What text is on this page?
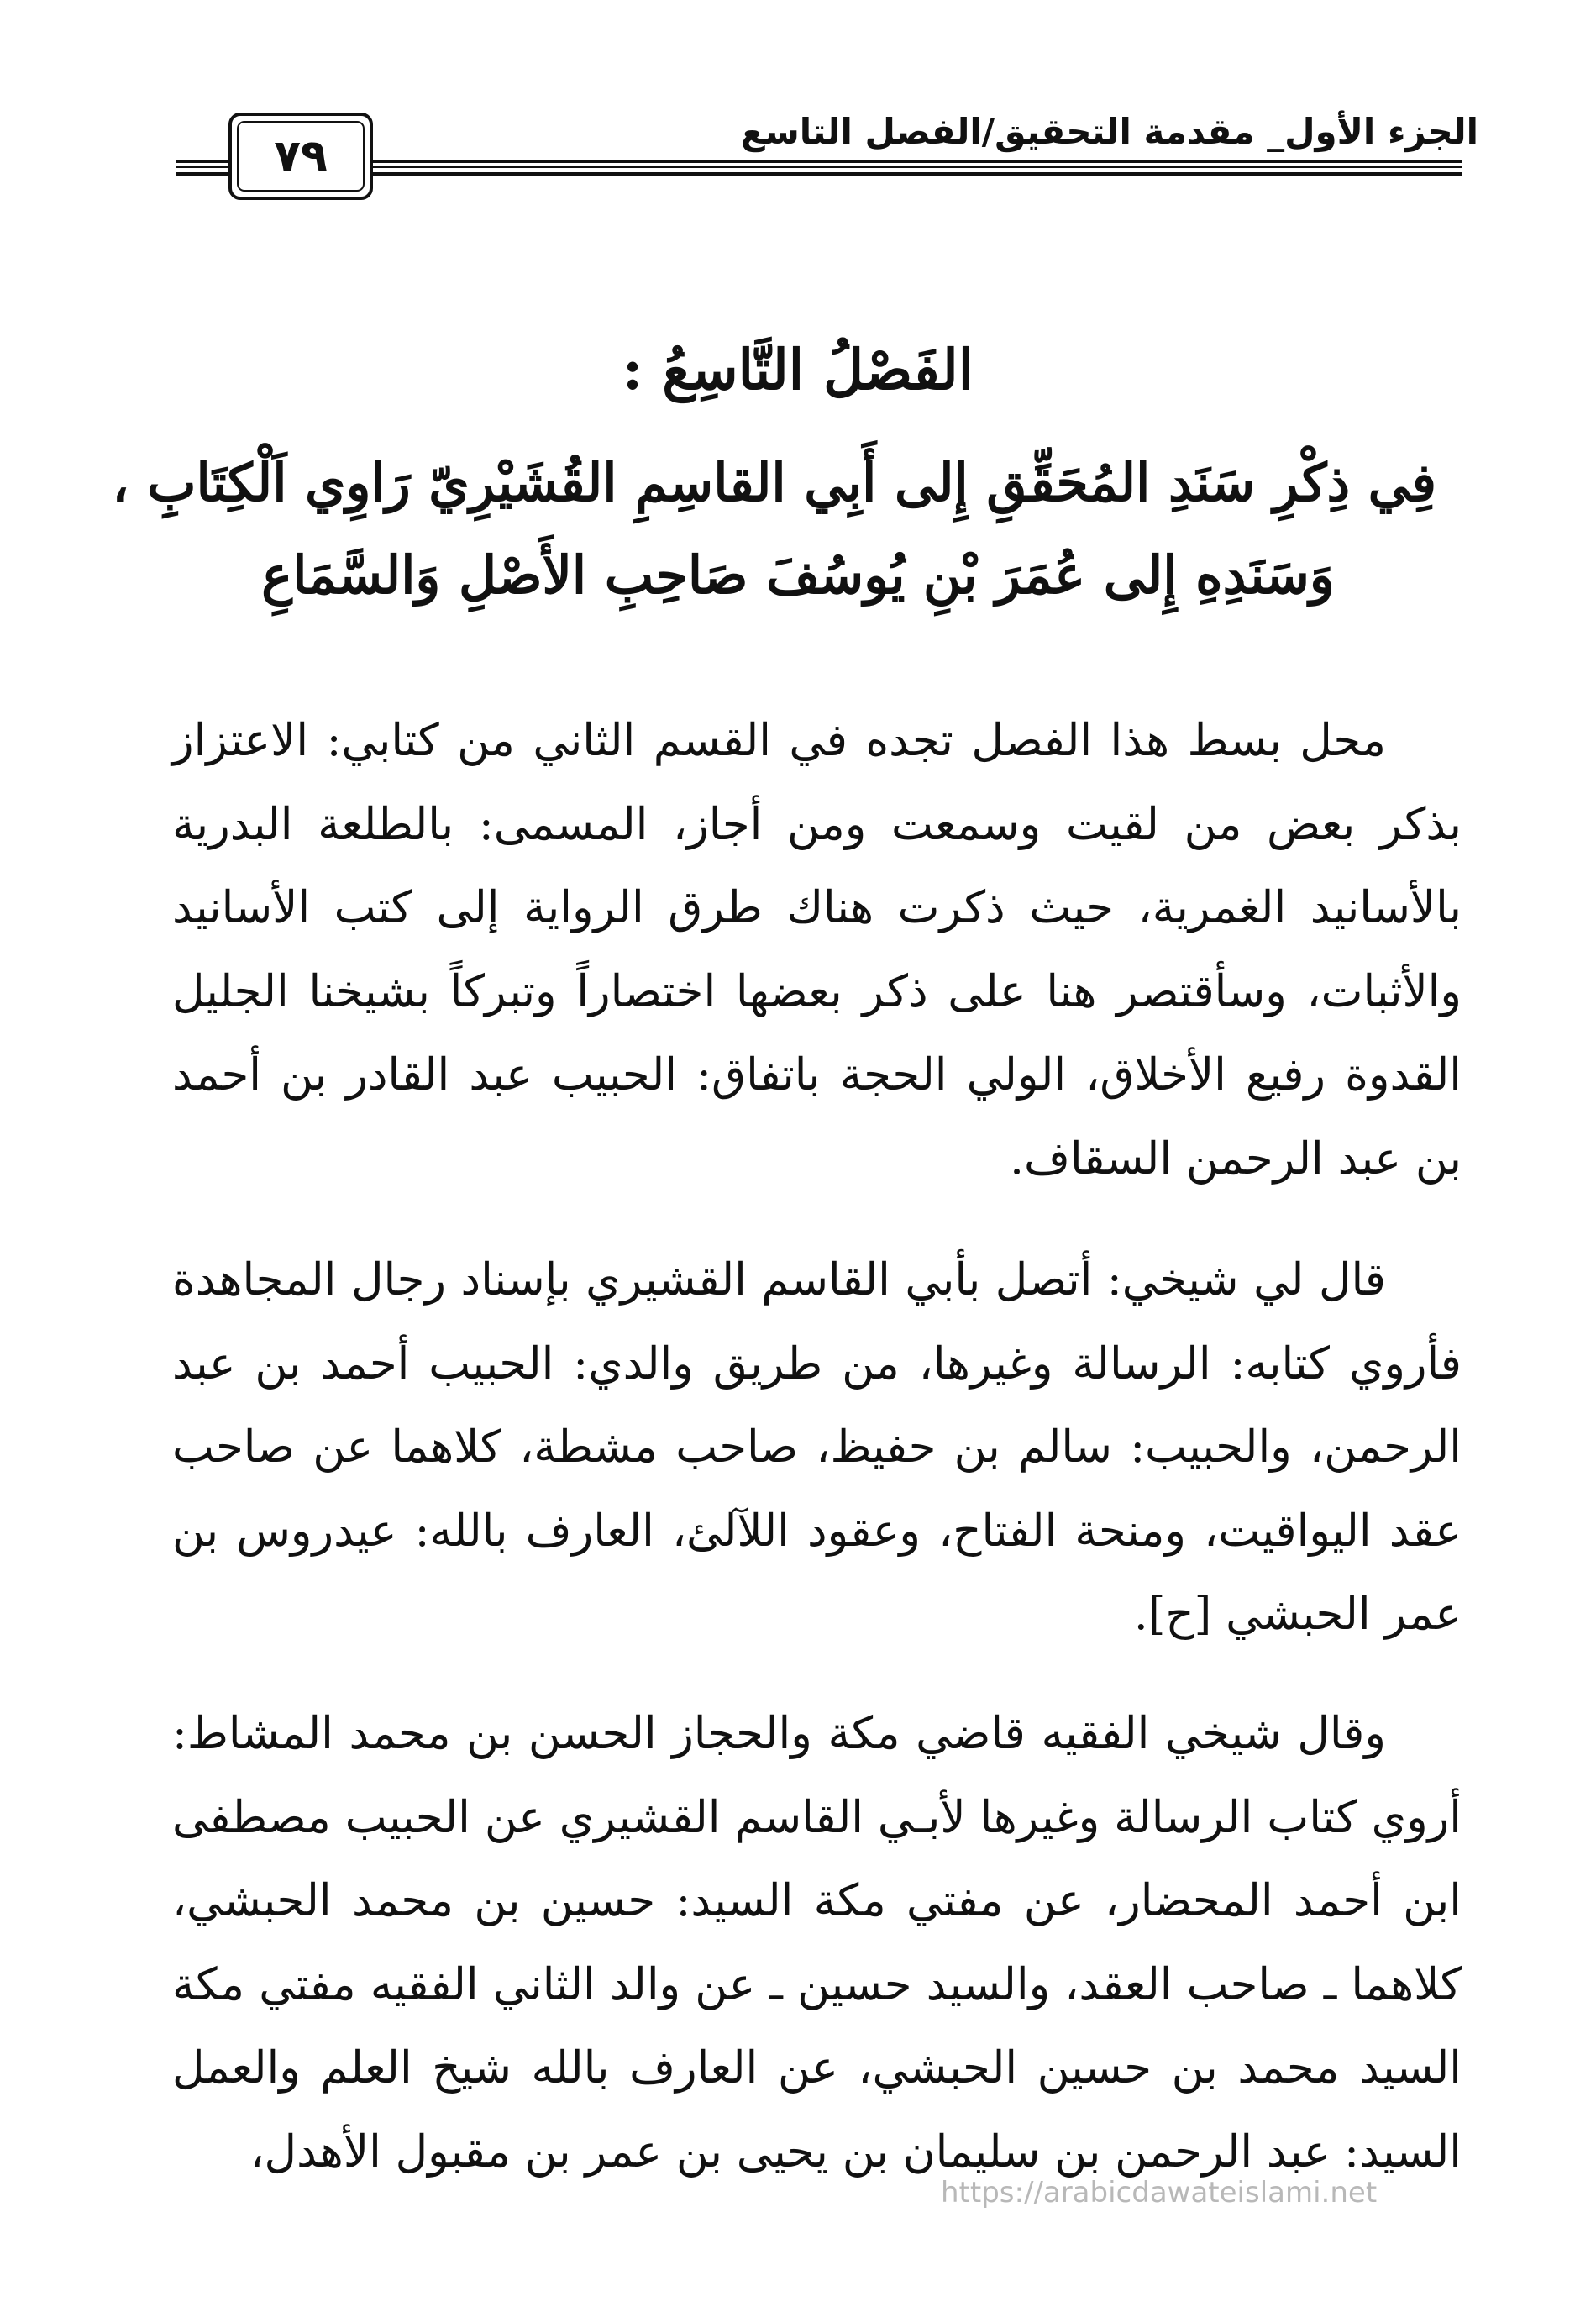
الجزء الأول_ مقدمة التحقيق/الفصل التاسع
٧٩
الفَصْلُ التَّاسِعُ :
فِي ذِكْرِ سَنَدِ المُحَقِّقِ إِلى أَبِي القاسِمِ القُشَيْرِيّ رَاوِي اَلْكِتَابِ ،
وَسَنَدِهِ إِلى عُمَرَ بْنِ يُوسُفَ صَاحِبِ الأَصْلِ وَالسَّمَاعِ

محل بسط هذا الفصل تجده في القسم الثاني من كتابي: الاعتزاز بذكر بعض من لقيت وسمعت ومن أجاز، المسمى: بالطلعة البدرية بالأسانيد الغمرية، حيث ذكرت هناك طرق الرواية إلى كتب الأسانيد والأثبات، وسأقتصر هنا على ذكر بعضها اختصاراً وتبركاً بشيخنا الجليل القدوة رفيع الأخلاق، الولي الحجة باتفاق: الحبيب عبد القادر بن أحمد بن عبد الرحمن السقاف.

قال لي شيخي: أتصل بأبي القاسم القشيري بإسناد رجال المجاهدة فأروي كتابه: الرسالة وغيرها، من طريق والدي: الحبيب أحمد بن عبد الرحمن، والحبيب: سالم بن حفيظ، صاحب مشطة، كلاهما عن صاحب عقد اليواقيت، ومنحة الفتاح، وعقود اللآلئ، العارف بالله: عيدروس بن عمر الحبشي [ح].

وقال شيخي الفقيه قاضي مكة والحجاز الحسن بن محمد المشاط: أروي كتاب الرسالة وغيرها لأبـي القاسم القشيري عن الحبيب مصطفى ابن أحمد المحضار، عن مفتي مكة السيد: حسين بن محمد الحبشي، كلاهما ـ صاحب العقد، والسيد حسين ـ عن والد الثاني الفقيه مفتي مكة السيد محمد بن حسين الحبشي، عن العارف بالله شيخ العلم والعمل السيد: عبد الرحمن بن سليمان بن يحيى بن عمر بن مقبول الأهدل،

https://arabicdawateislami.net
